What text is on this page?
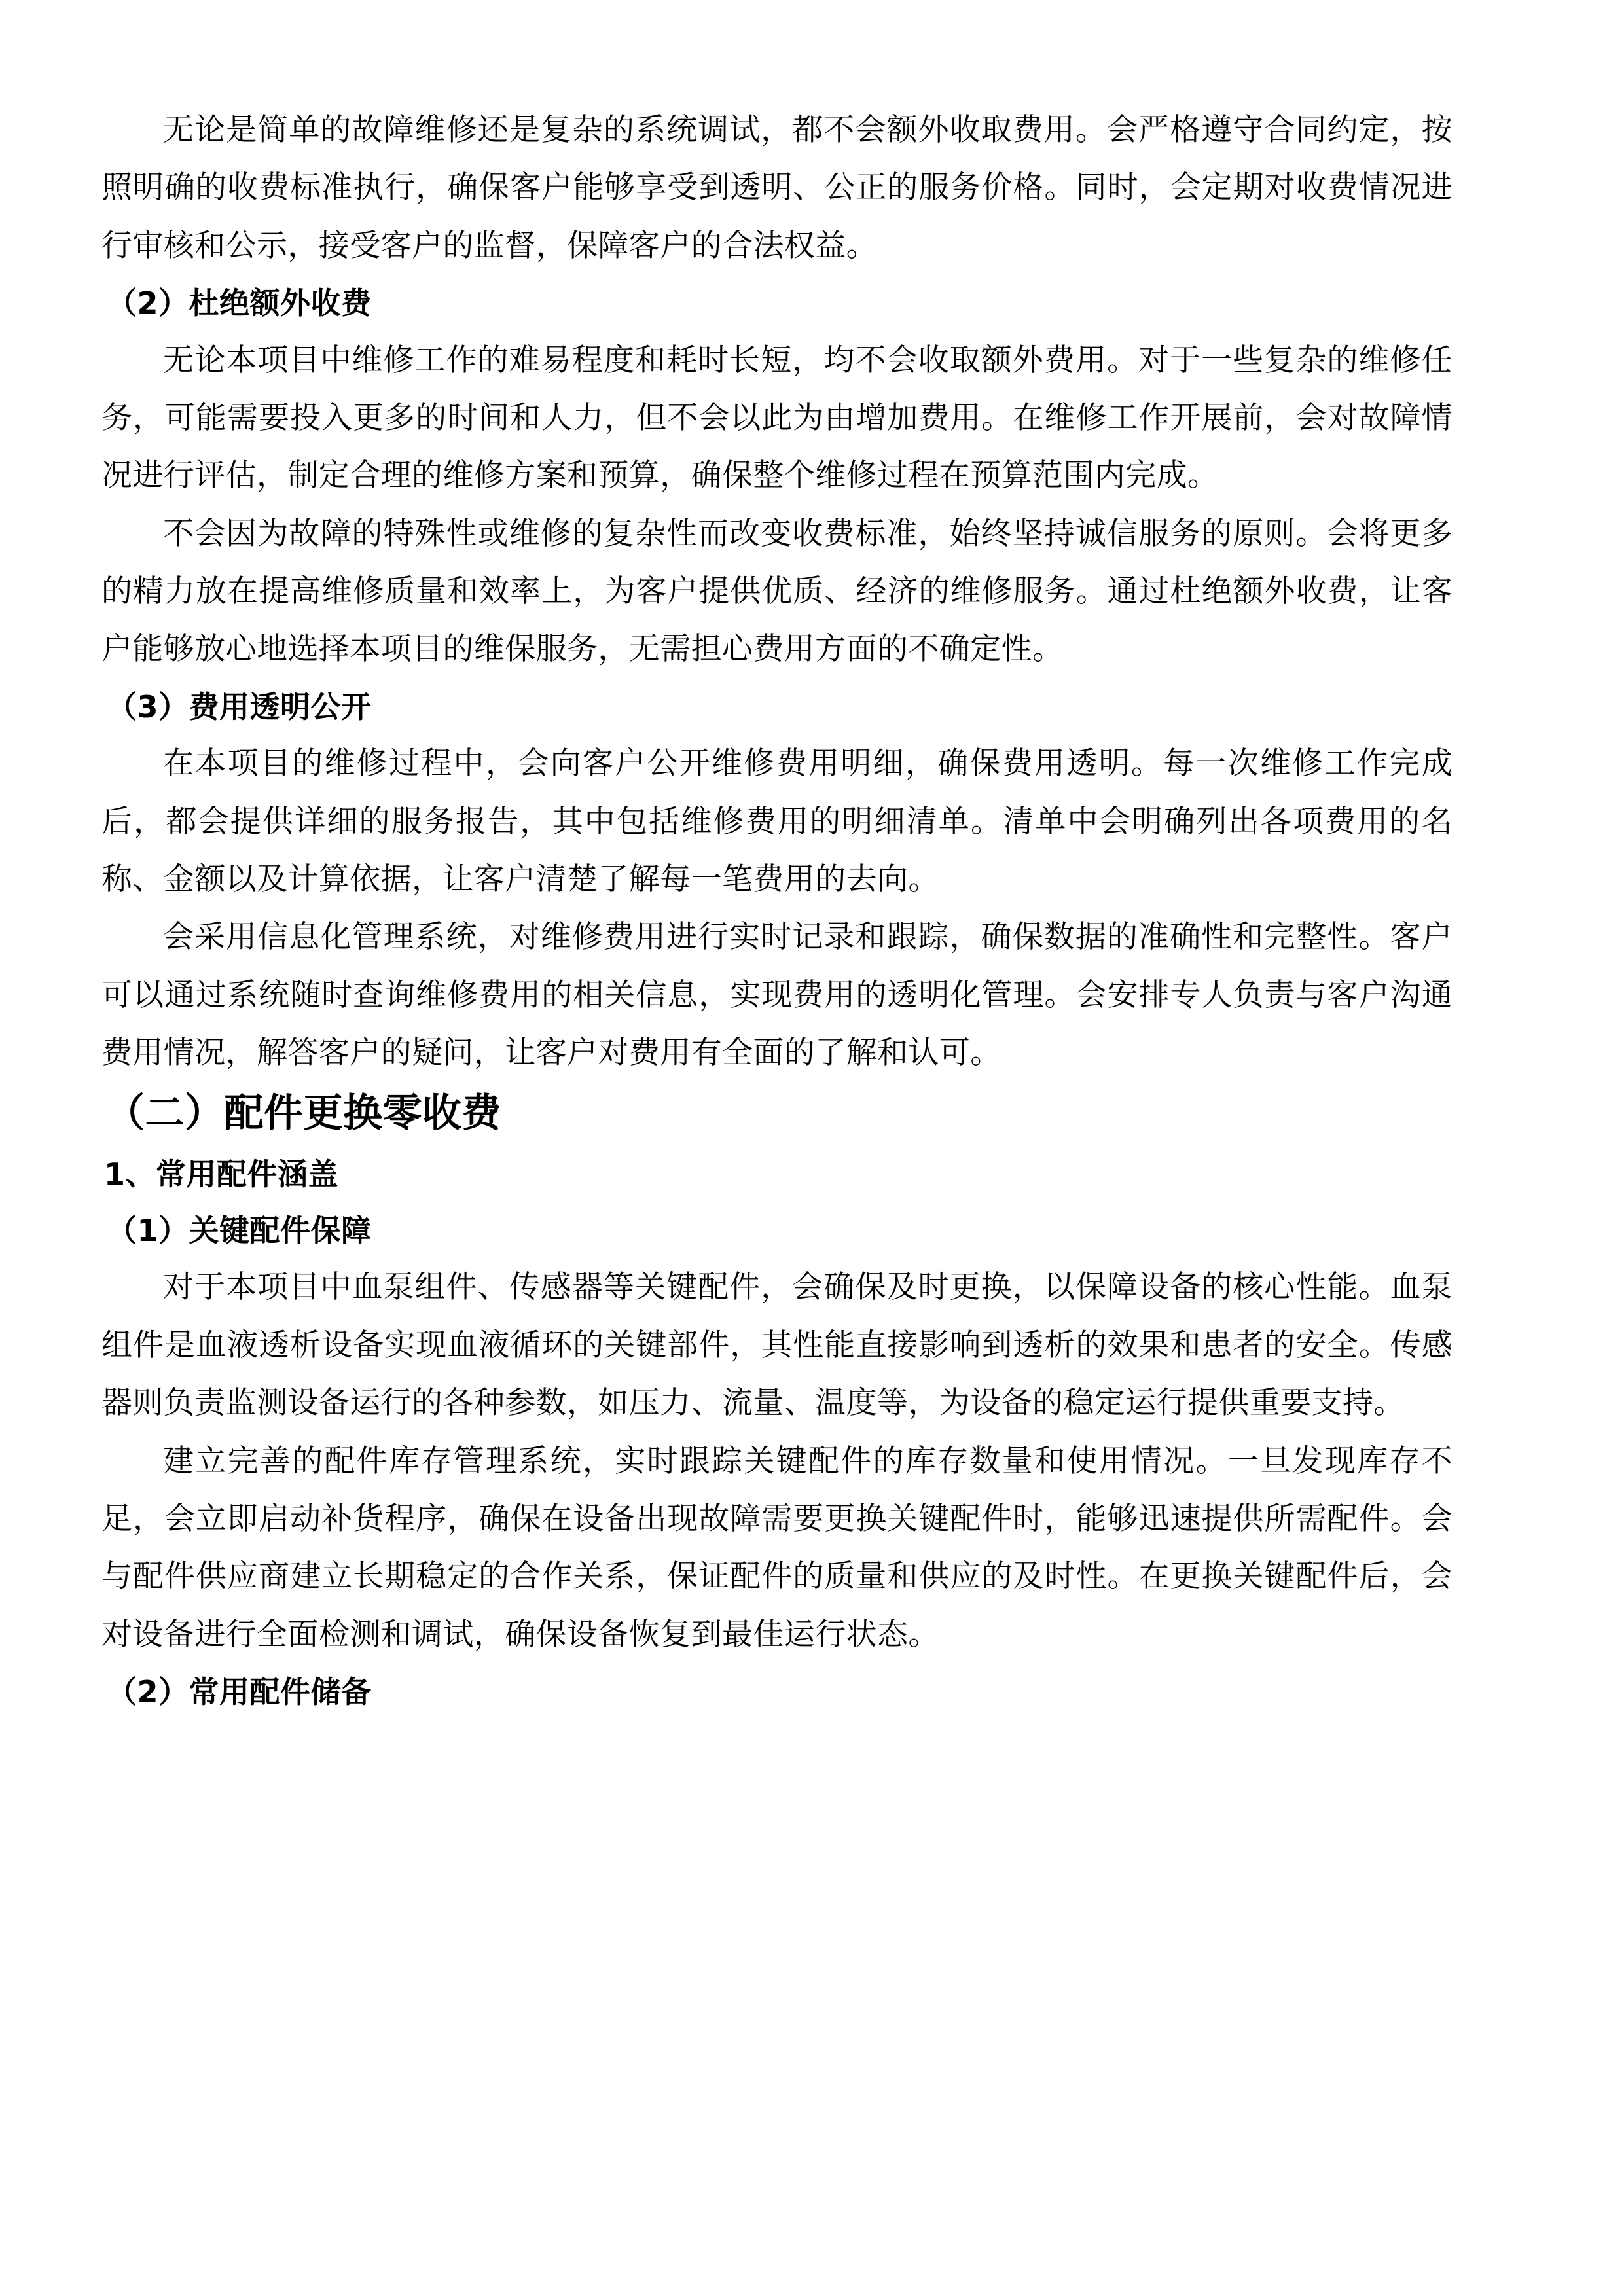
无论是简单的故障维修还是复杂的系统调试，都不会额外收取费用。会严格遵守合同约定，按照明确的收费标准执行，确保客户能够享受到透明、公正的服务价格。同时，会定期对收费情况进行审核和公示，接受客户的监督，保障客户的合法权益。

（2）杜绝额外收费

无论本项目中维修工作的难易程度和耗时长短，均不会收取额外费用。对于一些复杂的维修任务，可能需要投入更多的时间和人力，但不会以此为由增加费用。在维修工作开展前，会对故障情况进行评估，制定合理的维修方案和预算，确保整个维修过程在预算范围内完成。

不会因为故障的特殊性或维修的复杂性而改变收费标准，始终坚持诚信服务的原则。会将更多的精力放在提高维修质量和效率上，为客户提供优质、经济的维修服务。通过杜绝额外收费，让客户能够放心地选择本项目的维保服务，无需担心费用方面的不确定性。

（3）费用透明公开

在本项目的维修过程中，会向客户公开维修费用明细，确保费用透明。每一次维修工作完成后，都会提供详细的服务报告，其中包括维修费用的明细清单。清单中会明确列出各项费用的名称、金额以及计算依据，让客户清楚了解每一笔费用的去向。

会采用信息化管理系统，对维修费用进行实时记录和跟踪，确保数据的准确性和完整性。客户可以通过系统随时查询维修费用的相关信息，实现费用的透明化管理。会安排专人负责与客户沟通费用情况，解答客户的疑问，让客户对费用有全面的了解和认可。

（二）配件更换零收费
1、常用配件涵盖
（1）关键配件保障

对于本项目中血泵组件、传感器等关键配件，会确保及时更换，以保障设备的核心性能。血泵组件是血液透析设备实现血液循环的关键部件，其性能直接影响到透析的效果和患者的安全。传感器则负责监测设备运行的各种参数，如压力、流量、温度等，为设备的稳定运行提供重要支持。

建立完善的配件库存管理系统，实时跟踪关键配件的库存数量和使用情况。一旦发现库存不足，会立即启动补货程序，确保在设备出现故障需要更换关键配件时，能够迅速提供所需配件。会与配件供应商建立长期稳定的合作关系，保证配件的质量和供应的及时性。在更换关键配件后，会对设备进行全面检测和调试，确保设备恢复到最佳运行状态。

（2）常用配件储备
